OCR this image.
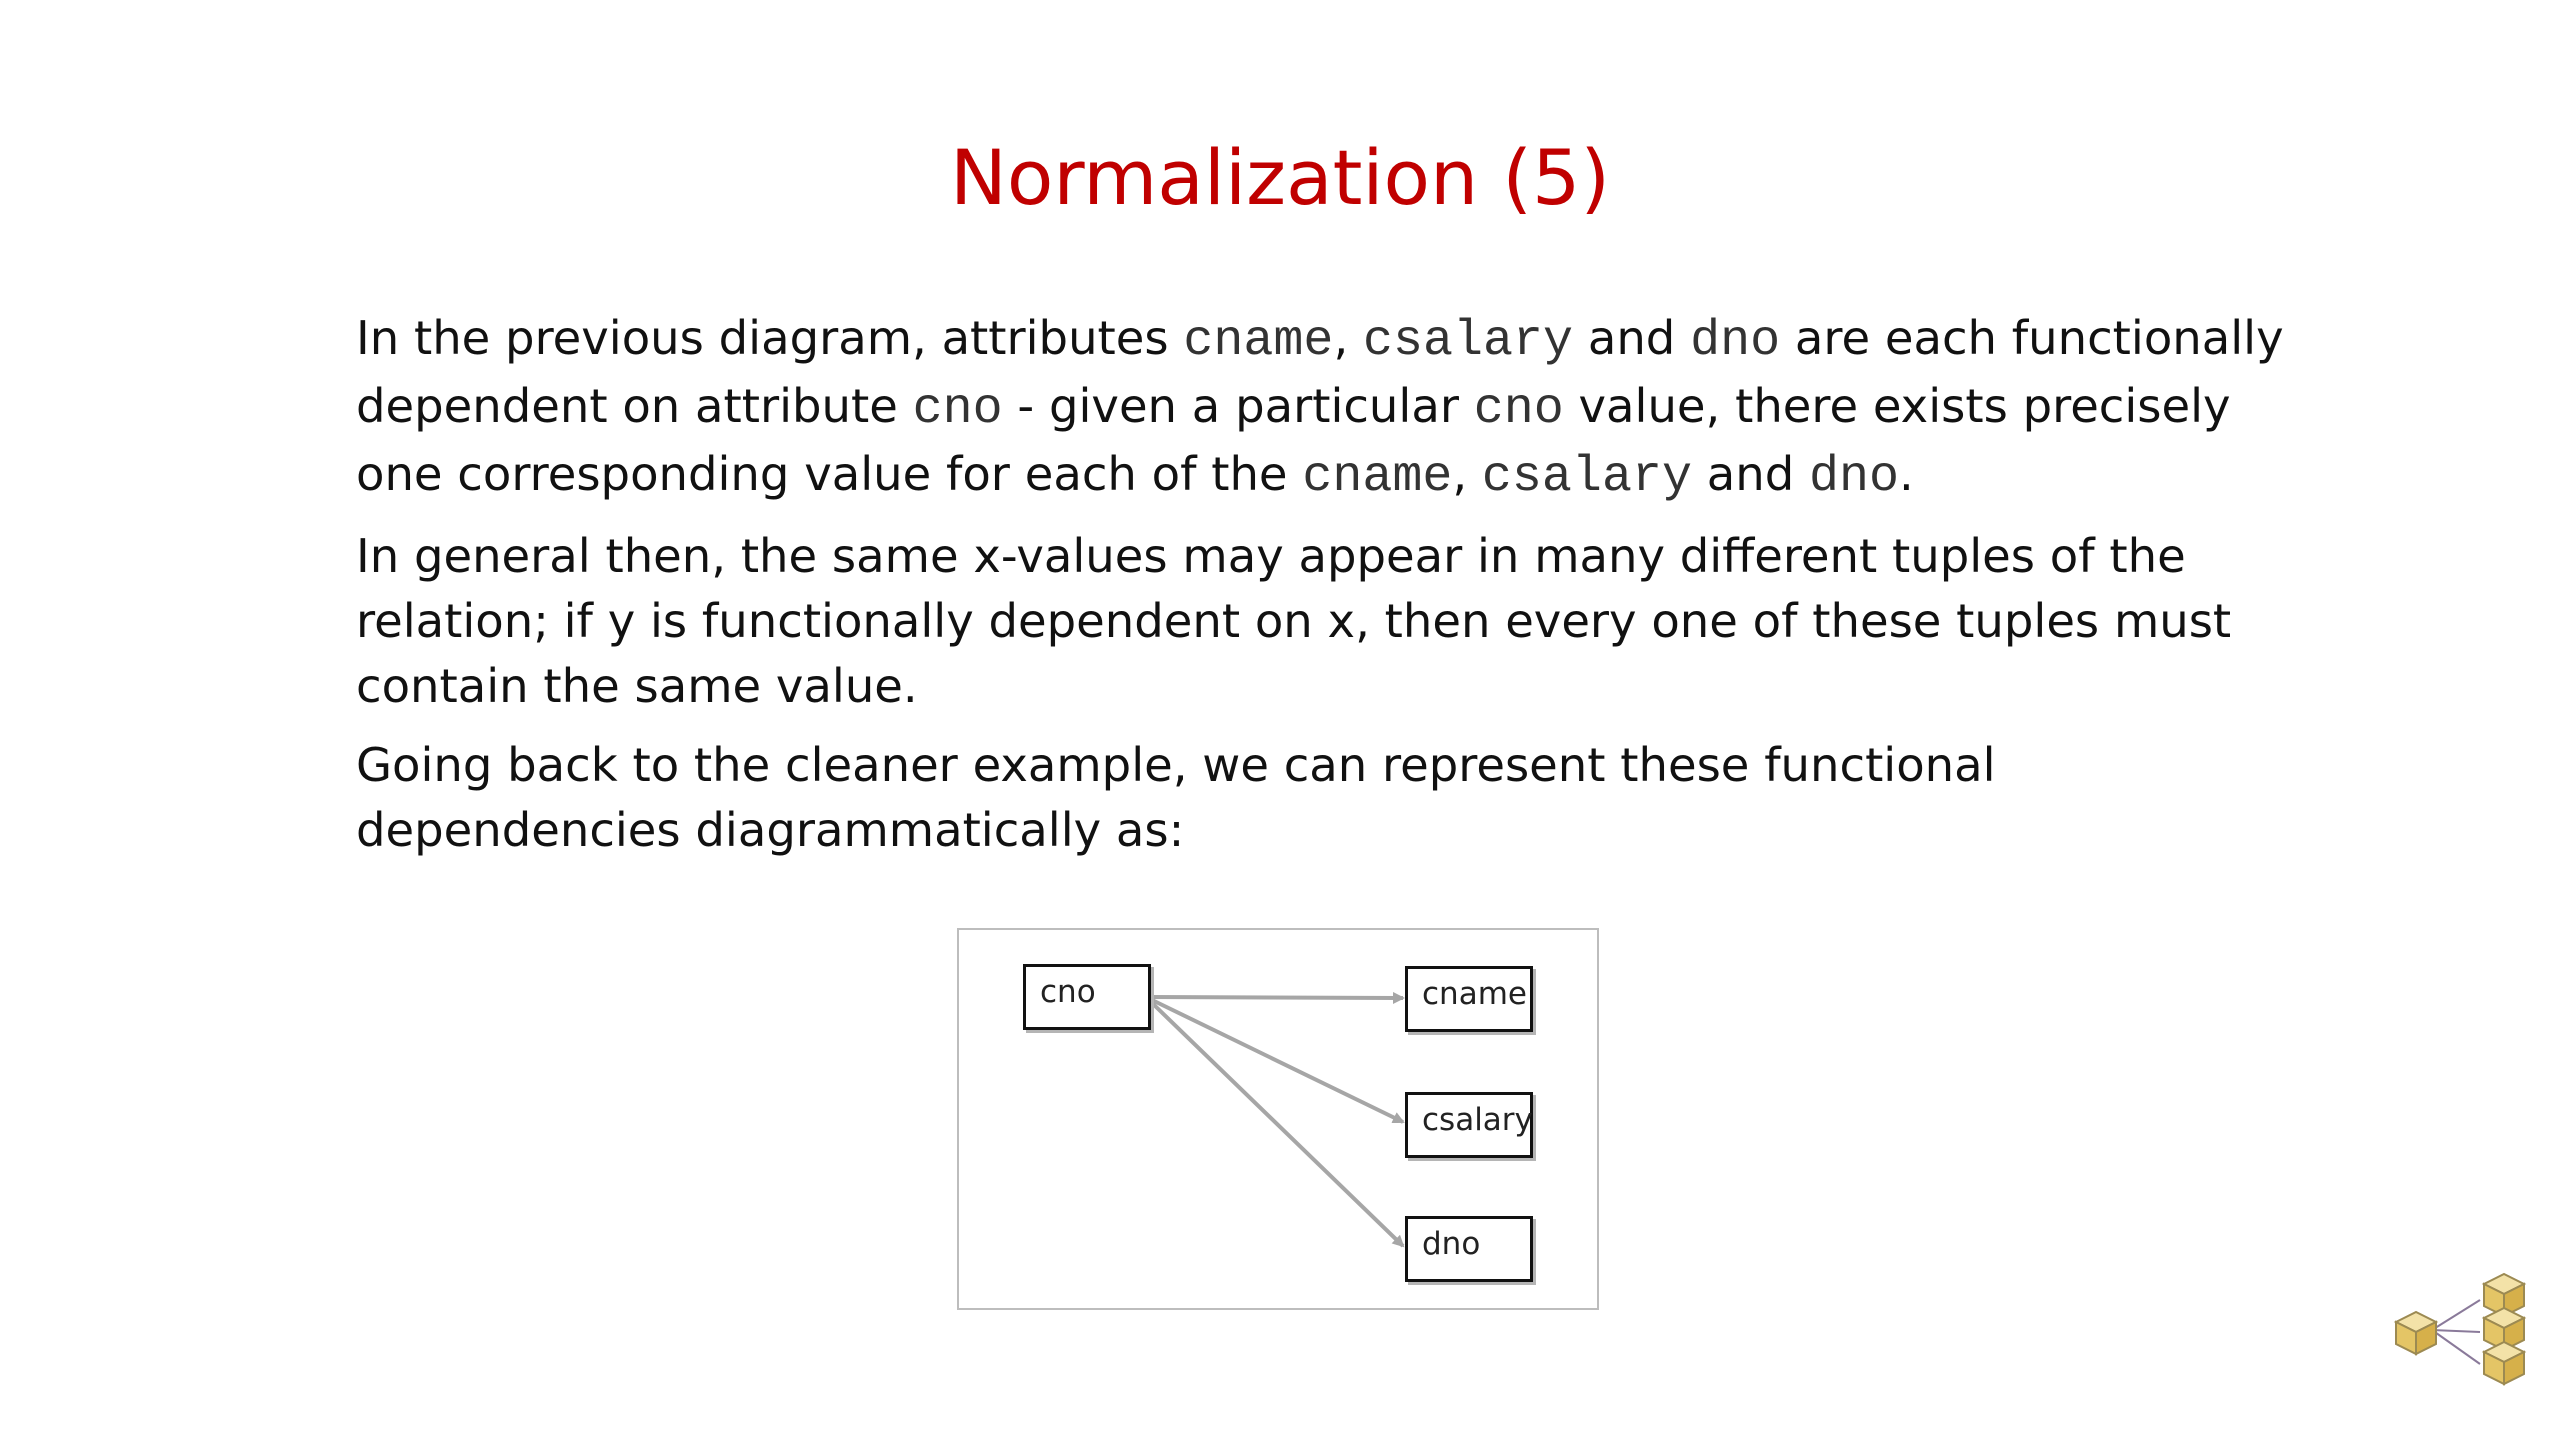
Normalization (5)

In the previous diagram, attributes cname, csalary and dno are each functionally dependent on attribute cno - given a particular cno value, there exists precisely one corresponding value for each of the cname, csalary and dno.

In general then, the same x-values may appear in many different tuples of the relation; if y is functionally dependent on x, then every one of these tuples must contain the same value.

Going back to the cleaner example, we can represent these functional dependencies diagrammatically as:

cno	cname
csalary
dno
